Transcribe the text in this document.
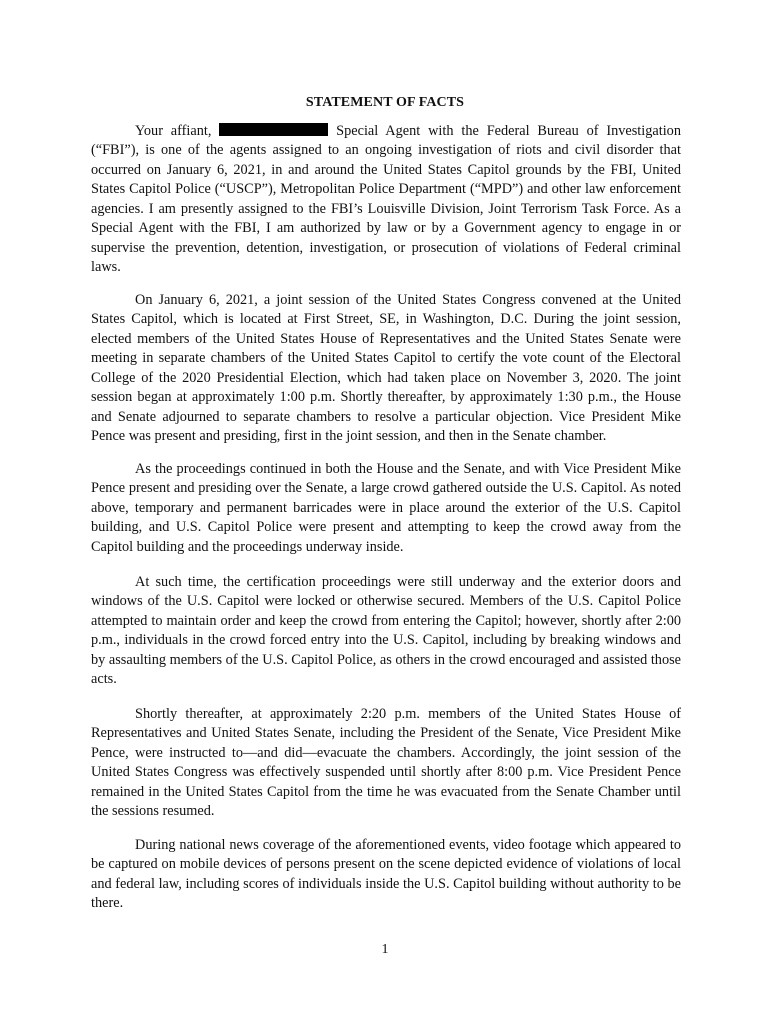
STATEMENT OF FACTS

Your affiant,	Special Agent with the Federal Bureau of Investigation (“FBI”), is one of the agents assigned to an ongoing investigation of riots and civil disorder that occurred on January 6, 2021, in and around the United States Capitol grounds by the FBI, United States Capitol Police (“USCP”), Metropolitan Police Department (“MPD”) and other law enforcement agencies. I am presently assigned to the FBI’s Louisville Division, Joint Terrorism Task Force. As a Special Agent with the FBI, I am authorized by law or by a Government agency to engage in or supervise the prevention, detention, investigation, or prosecution of violations of Federal criminal laws.

On January 6, 2021, a joint session of the United States Congress convened at the United States Capitol, which is located at First Street, SE, in Washington, D.C. During the joint session, elected members of the United States House of Representatives and the United States Senate were meeting in separate chambers of the United States Capitol to certify the vote count of the Electoral College of the 2020 Presidential Election, which had taken place on November 3, 2020. The joint session began at approximately 1:00 p.m. Shortly thereafter, by approximately 1:30 p.m., the House and Senate adjourned to separate chambers to resolve a particular objection. Vice President Mike Pence was present and presiding, first in the joint session, and then in the Senate chamber.

As the proceedings continued in both the House and the Senate, and with Vice President Mike Pence present and presiding over the Senate, a large crowd gathered outside the U.S. Capitol. As noted above, temporary and permanent barricades were in place around the exterior of the U.S. Capitol building, and U.S. Capitol Police were present and attempting to keep the crowd away from the Capitol building and the proceedings underway inside.

At such time, the certification proceedings were still underway and the exterior doors and windows of the U.S. Capitol were locked or otherwise secured. Members of the U.S. Capitol Police attempted to maintain order and keep the crowd from entering the Capitol; however, shortly after 2:00 p.m., individuals in the crowd forced entry into the U.S. Capitol, including by breaking windows and by assaulting members of the U.S. Capitol Police, as others in the crowd encouraged and assisted those acts.

Shortly thereafter, at approximately 2:20 p.m. members of the United States House of Representatives and United States Senate, including the President of the Senate, Vice President Mike Pence, were instructed to—and did—evacuate the chambers. Accordingly, the joint session of the United States Congress was effectively suspended until shortly after 8:00 p.m. Vice President Pence remained in the United States Capitol from the time he was evacuated from the Senate Chamber until the sessions resumed.

During national news coverage of the aforementioned events, video footage which appeared to be captured on mobile devices of persons present on the scene depicted evidence of violations of local and federal law, including scores of individuals inside the U.S. Capitol building without authority to be there.

1
